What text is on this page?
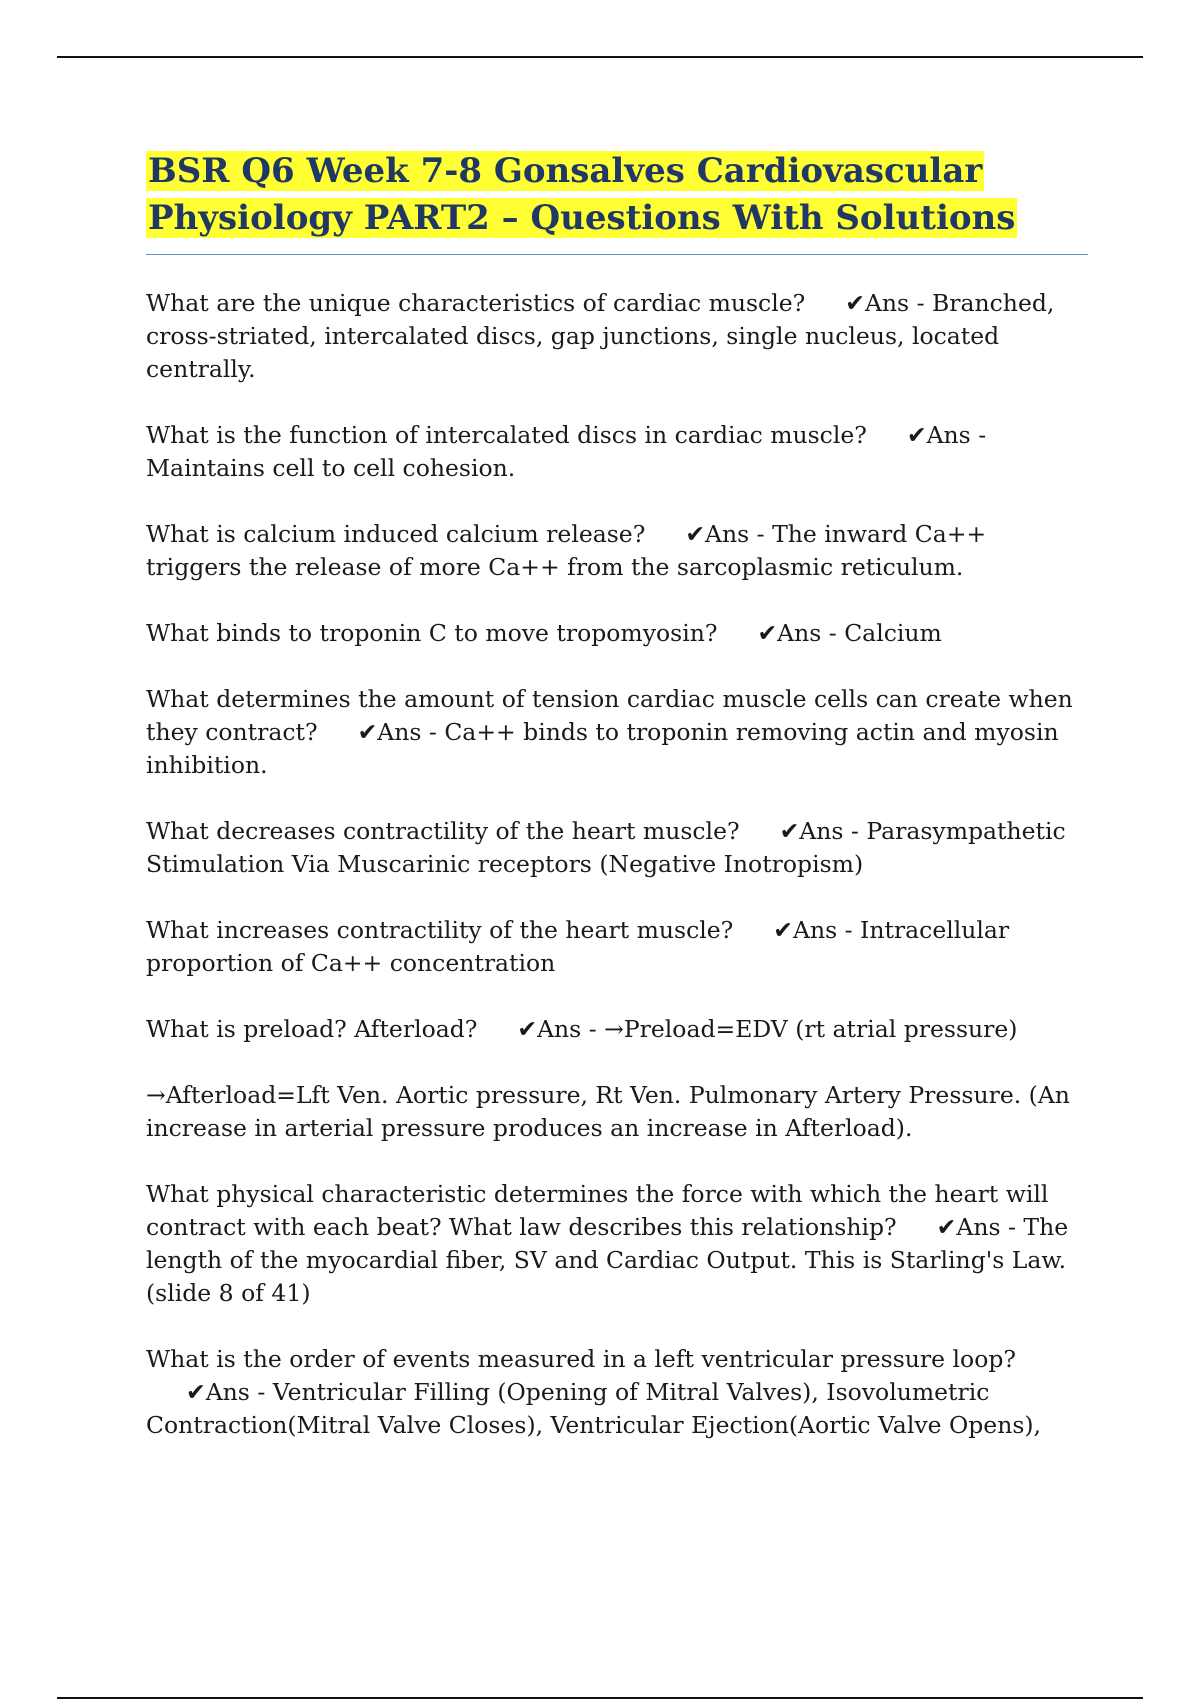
BSR Q6 Week 7-8 Gonsalves Cardiovascular
Physiology PART2 – Questions With Solutions

What are the unique characteristics of cardiac muscle? ✔Ans - Branched, cross-striated, intercalated discs, gap junctions, single nucleus, located centrally.

What is the function of intercalated discs in cardiac muscle? ✔Ans - Maintains cell to cell cohesion.

What is calcium induced calcium release? ✔Ans - The inward Ca++ triggers the release of more Ca++ from the sarcoplasmic reticulum.

What binds to troponin C to move tropomyosin? ✔Ans - Calcium

What determines the amount of tension cardiac muscle cells can create when they contract? ✔Ans - Ca++ binds to troponin removing actin and myosin inhibition.

What decreases contractility of the heart muscle? ✔Ans - Parasympathetic Stimulation Via Muscarinic receptors (Negative Inotropism)

What increases contractility of the heart muscle? ✔Ans - Intracellular proportion of Ca++ concentration

What is preload? Afterload? ✔Ans - →Preload=EDV (rt atrial pressure)

→Afterload=Lft Ven. Aortic pressure, Rt Ven. Pulmonary Artery Pressure. (An increase in arterial pressure produces an increase in Afterload).

What physical characteristic determines the force with which the heart will contract with each beat? What law describes this relationship? ✔Ans - The length of the myocardial fiber, SV and Cardiac Output. This is Starling's Law. (slide 8 of 41)

What is the order of events measured in a left ventricular pressure loop?✔Ans - Ventricular Filling (Opening of Mitral Valves), Isovolumetric Contraction(Mitral Valve Closes), Ventricular Ejection(Aortic Valve Opens),
